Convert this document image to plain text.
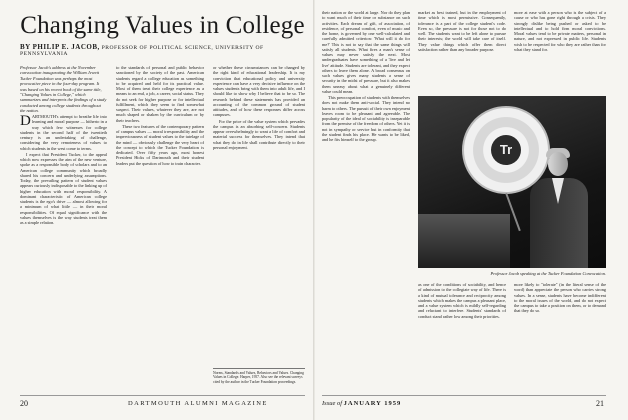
Changing Values in College
BY PHILIP E. JACOB, PROFESSOR OF POLITICAL SCIENCE, UNIVERSITY OF PENNSYLVANIA
Professor Jacob's address at the November convocation inaugurating the William Jewett Tucker Foundation was perhaps the most provocative piece in the four-day program. It was based on his recent book of the same title, "Changing Values in College," which summarizes and interprets the findings of a study conducted among college students throughout the nation.

DARTMOUTH's attempt to breathe life into learning and moral purpose — hitherto in a way which few witnesses for college students in the second half of the twentieth century is an undertaking of challenge, considering the very remoteness of values to which students in the west come to terms.

I expect that President Tucker, to the appeal which now expresses the aim of the new venture, spoke as a responsible body of scholars and to an American college community which broadly shared his concern and underlying assumptions. Today, the prevailing pattern of student values appears curiously indisposable to the linking up of higher education with moral responsibility. A dominant characteristic of American college students is the ego's drive — almost allowing for a minimum of what little — in their moral responsibilities. Of equal significance with the values themselves is the way students treat them as a simple relation.

to the standards of personal and public behavior sanctioned by the society of the past. American students regard a college education as something to be acquired and held for its practical value. Most of them treat their college experience as a means to an end, a job, a career, social status. They do not seek for higher purpose or for intellectual fulfillment, which they seem to find somewhat suspect. Their values, whatever they are, are not much shaped or shaken by the curriculum or by their teachers.

These two features of the contemporary pattern of campus values — moral irresponsibility and the imperviousness of student values to the tutelage of the mind — obviously challenge the very heart of the concept to which the Tucker Foundation is dedicated. Over fifty years ago, most honest President Hicks of Dartmouth and their student leaders put the question of how to train character.

or whether these circumstances can be changed by the right kind of educational leadership. It is my conviction that educational policy and university experience can have a very decisive influence on the values students bring with them into adult life, and I should like to show why I believe that to be so. The research behind these statements has provided an accounting of the common ground of student attitudes, and of how these responses differ across campuses.

For the price of the value system which pervades the campus is an absorbing self-concern. Students appear overwhelmingly to want a life of comfort and material success for themselves. They intend that what they do in life shall contribute directly to their personal enjoyment.

Norms, Standards and Values, Behaviors and Values. Changing Values in College. Harper, 1957. Also see the relevant surveys cited by the author in the Tucker Foundation proceedings.
20	DARTMOUTH ALUMNI MAGAZINE

their nation or the world at large. Nor do they plan to want much of their time or substance on such activities. Each dream of gift, of association, of residence, of personal comfort, even of music and the home, is governed by one well-calculated and carefully admitted criterion: 'What will it do for me?' This is not to say that the same things will satisfy all students. What fires a man's sense of values may never satisfy the next. Most undergraduates have something of a 'live and let live' attitude. Students are tolerant, and they expect others to leave them alone. A broad consensus on such values gives many students a sense of security in the midst of pressure, but it also makes them uneasy about what a genuinely different value could mean.

This preoccupation of students with themselves does not make them anti-social. They intend no harm to others. The pursuit of their own enjoyment leaves room to be pleasant and agreeable. The popularity of the ideal of sociability is inseparable from the premise of the freedom of others. Yet it is not in sympathy or service but in conformity that the student finds his place. He wants to be liked, and he fits himself to the group.

market as best trained, but in the employment of time which is most permissive. Consequently, tolerance is a part of the college student's code. Even so, the pressure is not for those not to do well. The students want to be left alone to pursue their interests; the world will take care of itself. They value things which offer them direct satisfaction rather than any broader purpose.

more at ease with a person who is the subject of a cause or who has gone right through a crisis. They strongly dislike being pushed or asked to be intellectual and to hold firm moral convictions. Moral values tend to be private matters, personal in nature, and not expressed in public life. Students wish to be respected for who they are rather than for what they stand for.

Tr
Professor Jacob speaking at the Tucker Foundation Convocation.

as one of the conditions of sociability, and hence of admission to the collegiate way of life. There is a kind of mutual tolerance and reciprocity among students which makes the campus a pleasant place, and a value system which is mildly self-regarding and reluctant to interfere. Students' standards of conduct stand rather low among their priorities.

more likely to "tolerate" (in the literal sense of the word) than appreciate the person who carries strong values. In a sense, students have become indifferent to the moral issues of the world, and do not expect the campus to take a position on them, or to demand that they do so.

Issue of JANUARY 1959	21
